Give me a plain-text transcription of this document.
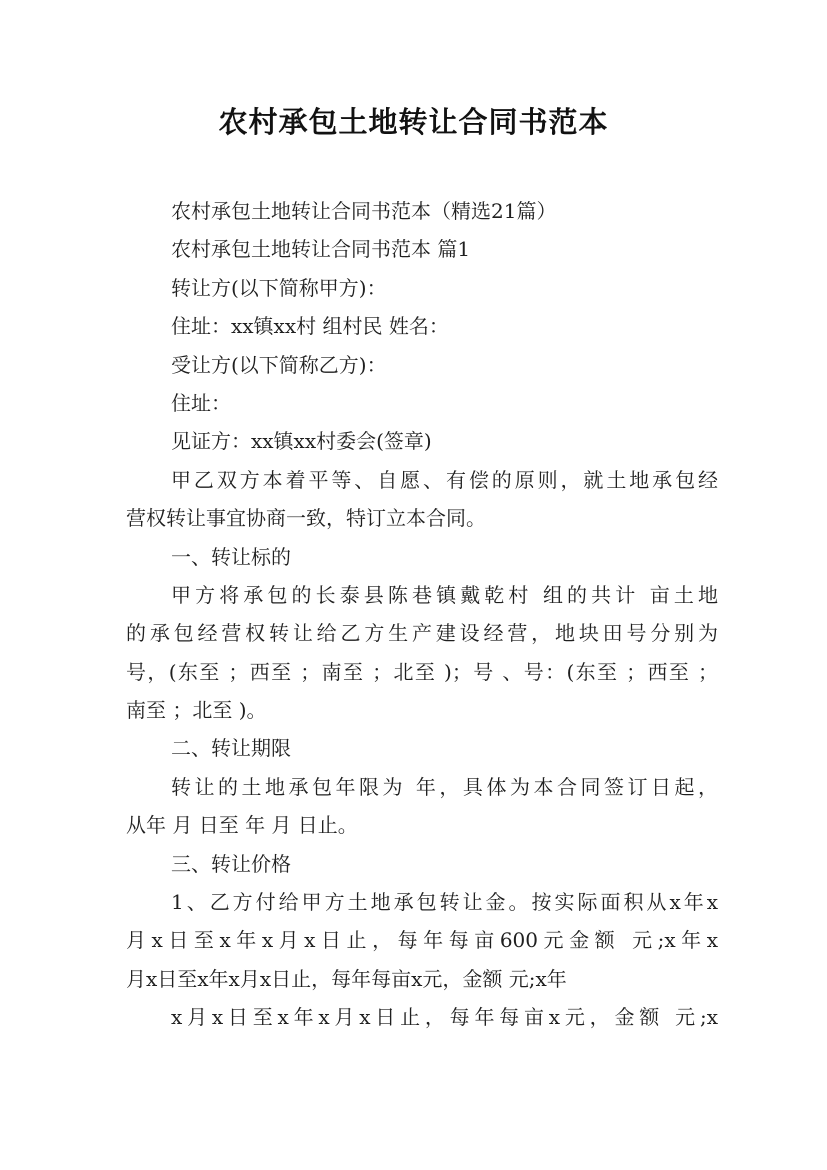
农村承包土地转让合同书范本
农村承包土地转让合同书范本（精选21篇）
农村承包土地转让合同书范本 篇1
转让方(以下简称甲方)：
住址：xx镇xx村 组村民 姓名：
受让方(以下简称乙方)：
住址：
见证方：xx镇xx村委会(签章)
甲乙双方本着平等、自愿、有偿的原则，就土地承包经
营权转让事宜协商一致，特订立本合同。
一、转让标的
甲方将承包的长泰县陈巷镇戴乾村 组的共计 亩土地
的承包经营权转让给乙方生产建设经营，地块田号分别为
号，(东至 ；西至 ；南至 ；北至 )；号 、号：(东至 ；西至 ；
南至 ；北至 )。
二、转让期限
转让的土地承包年限为 年，具体为本合同签订日起，
从年 月 日至 年 月 日止。
三、转让价格
1、乙方付给甲方土地承包转让金。按实际面积从x年x
月x日至x年x月x日止，每年每亩600元金额 元;x年x
月x日至x年x月x日止，每年每亩x元，金额 元;x年
x月x日至x年x月x日止，每年每亩x元，金额 元;x
